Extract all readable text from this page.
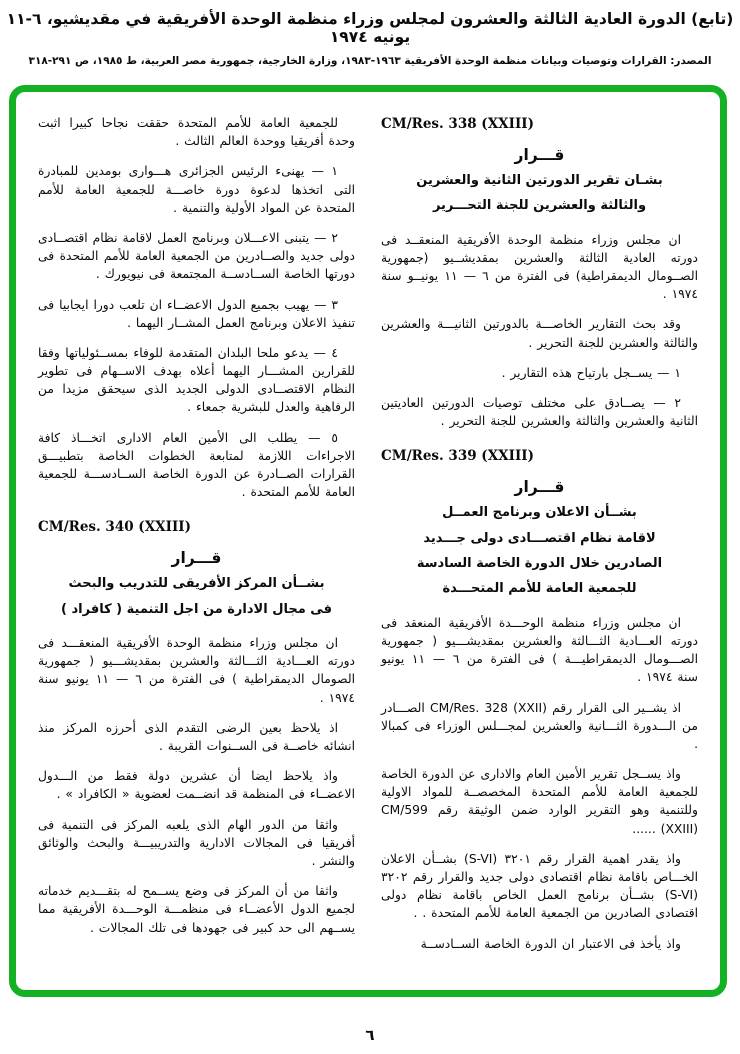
(تابع) الدورة العادية الثالثة والعشرون لمجلس وزراء منظمة الوحدة الأفريقية في مقديشيو، ٦-١١ يونيه ١٩٧٤
المصدر: القرارات وتوصيات وبيانات منظمة الوحدة الأفريقية ١٩٦٣-١٩٨٣، وزارة الخارجية، جمهورية مصر العربية، ط ١٩٨٥، ص ٢٩١-٣١٨
CM/Res. 338 (XXIII)
قـــرار
بشـان تقرير الدورتين الثانية والعشرين
والثالثة والعشرين للجنة التحـــرير
ان مجلس وزراء منظمة الوحدة الأفريقية المنعقــد فى دورته العادية الثالثة والعشرين بمقديشــيو (جمهورية الصــومال الديمقراطية) فى الفترة من ٦ — ١١ يونيــو سنة ١٩٧٤ .
وقد بحث التقارير الخاصـــة بالدورتين الثانيـــة والعشرين والثالثة والعشرين للجنة التحرير .
١ — يســجل بارتياح هذه التقارير .
٢ — يصــادق على مختلف توصيات الدورتين العاديتين الثانية والعشرين والثالثة والعشرين للجنة التحرير .
CM/Res. 339 (XXIII)
قـــرار
بشــأن الاعلان وبرنامج العمــل
لاقامة نظام اقتصـــادى دولى جـــديد
الصادرين خلال الدورة الخاصة السادسة
للجمعية العامة للأمم المتحـــدة
ان مجلس وزراء منظمة الوحـــدة الأفريقية المنعقد فى دورته العـــادية الثـــالثة والعشرين بمقديشـــيو ( جمهورية الصـــومال الديمقراطيـــة ) فى الفترة من ٦ — ١١ يونيو سنة ١٩٧٤ .
اذ يشــير الى القرار رقم CM/Res. 328 (XXII) الصـــادر من الـــدورة الثـــانية والعشرين لمجـــلس الوزراء فى كمبالا .
واذ يســجل تقرير الأمين العام والادارى عن الدورة الخاصة للجمعية العامة للأمم المتحدة المخصصــة للمواد الاولية وللتنمية وهو التقرير الوارد ضمن الوثيقة رقم CM/599 (XXIII) ......
واذ يقدر اهمية القرار رقم ٣٢٠١ (S-VI) بشــأن الاعلان الخـــاص باقامة نظام اقتصادى دولى جديد والقرار رقم ٣٢٠٢ (S-VI) بشــأن برنامج العمل الخاص باقامة نظام دولى اقتصادى الصادرين من الجمعية العامة للأمم المتحدة . .
واذ يأخذ فى الاعتبار ان الدورة الخاصة الســادســة
للجمعية العامة للأمم المتحدة حققت نجاحا كبيرا اثبت وحدة أفريقيا ووحدة العالم الثالث .
١ — يهنىء الرئيس الجزائرى هـــوارى بومدين للمبادرة التى اتخذها لدعوة دورة خاصـــة للجمعية العامة للأمم المتحدة عن المواد الأولية والتنمية .
٢ — يتبنى الاعـــلان وبرنامج العمل لاقامة نظام اقتصــادى دولى جديد والصــادرين من الجمعية العامة للأمم المتحدة فى دورتها الخاصة الســادســة المجتمعة فى نيويورك .
٣ — يهيب بجميع الدول الاعضــاء ان تلعب دورا ايجابيا فى تنفيذ الاعلان وبرنامج العمل المشــار اليهما .
٤ — يدعو ملحا البلدان المتقدمة للوفاء بمســئولياتها وفقا للقرارين المشـــار اليهما أعلاه بهدف الاســهام فى تطوير النظام الاقتصــادى الدولى الجديد الذى سيحقق مزيدا من الرفاهية والعدل للبشرية جمعاء .
٥ — يطلب الى الأمين العام الادارى اتخـــاذ كافة الاجراءات اللازمة لمتابعة الخطوات الخاصة بتطبيـــق القرارات الصــادرة عن الدورة الخاصة الســادســـة للجمعية العامة للأمم المتحدة .
CM/Res. 340 (XXIII)
قـــرار
بشــأن المركز الأفريقى للتدريب والبحث
فى مجال الادارة من اجل التنمية ( كافراد )
ان مجلس وزراء منظمة الوحدة الأفريقية المنعقـــد فى دورته العـــادية الثـــالثة والعشرين بمقديشـــيو ( جمهورية الصومال الديمقراطية ) فى الفترة من ٦ — ١١ يونيو سنة ١٩٧٤ .
اذ يلاحظ بعين الرضى التقدم الذى أحرزه المركز منذ انشائه خاصــة فى الســنوات القريبة .
واذ يلاحظ ايضا أن عشرين دولة فقط من الـــدول الاعضــاء فى المنظمة قد انضــمت لعضوية « الكافراد » .
واثقا من الدور الهام الذى يلعبه المركز فى التنمية فى أفريقيا فى المجالات الادارية والتدريبيـــة والبحث والوثائق والنشر .
واثقا من أن المركز فى وضع يســمح له بتقـــديم خدماته لجميع الدول الأعضــاء فى منظمـــة الوحـــدة الأفريقية مما يســهم الى حد كبير فى جهودها فى تلك المجالات .
٦
